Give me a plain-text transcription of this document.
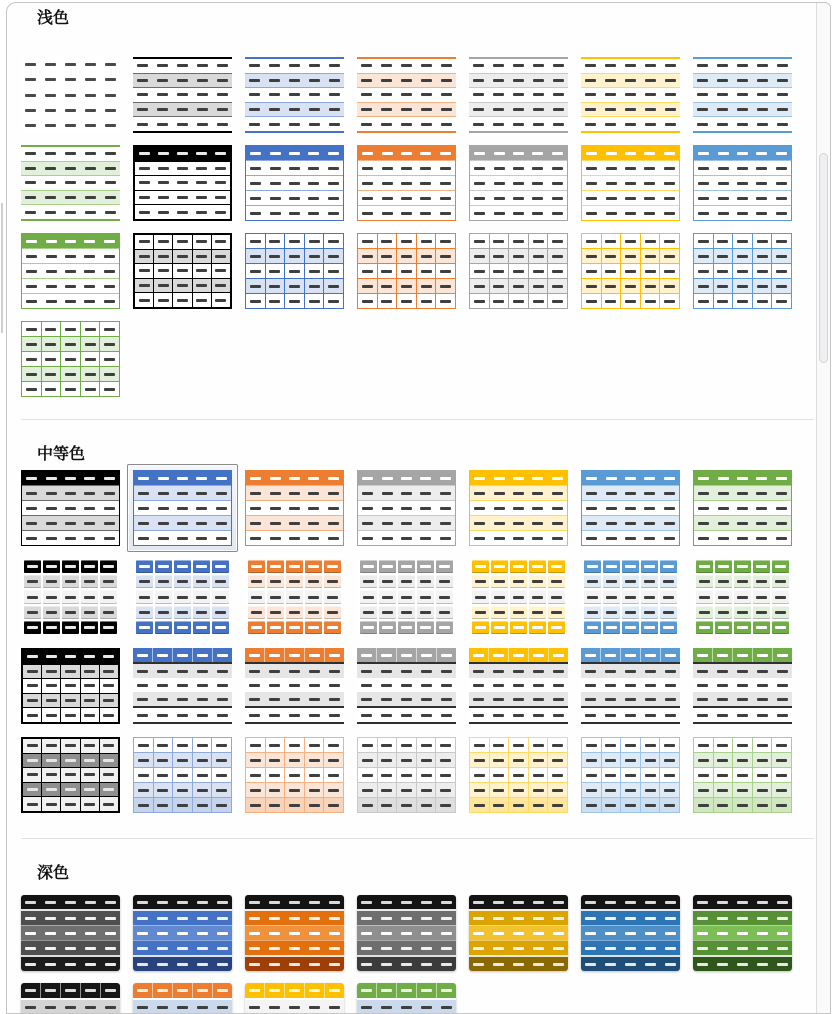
浅色
中等色
深色
